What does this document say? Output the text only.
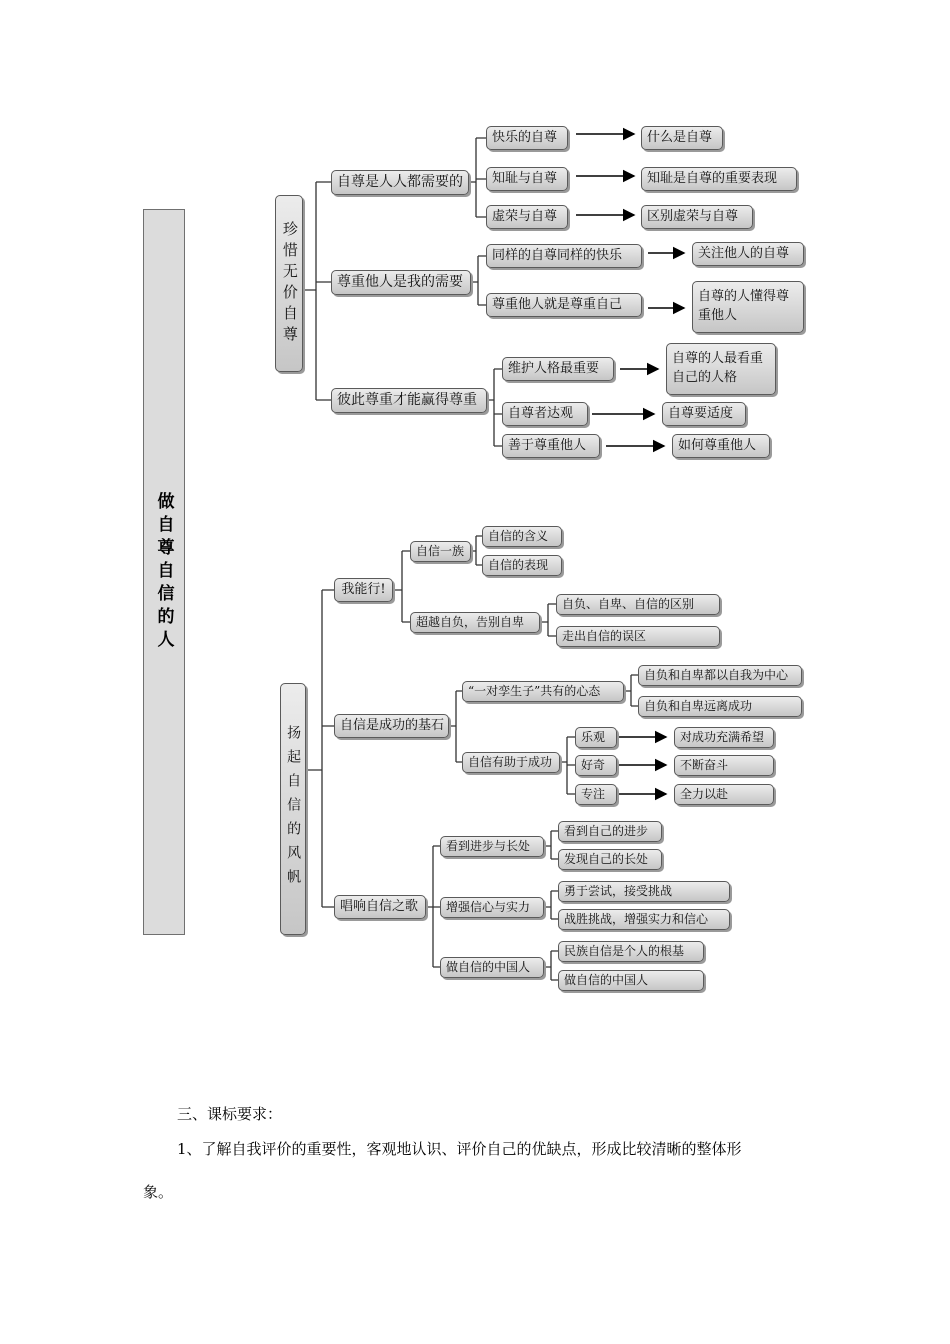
做自尊自信的人
珍惜无价自尊
自尊是人人都需要的
快乐的自尊	什么是自尊
知耻与自尊	知耻是自尊的重要表现
虚荣与自尊	区别虚荣与自尊
尊重他人是我的需要
同样的自尊同样的快乐	关注他人的自尊
尊重他人就是尊重自己	自尊的人懂得尊重他人
彼此尊重才能赢得尊重
维护人格最重要
自尊的人最看重自己的人格
自尊者达观	自尊要适度
善于尊重他人	如何尊重他人
扬起自信的风帆
我能行!
自信一族
自信的含义
自信的表现
超越自负，告别自卑
自负、自卑、自信的区别
走出自信的误区
自信是成功的基石
“一对孪生子”共有的心态
自负和自卑都以自我为中心
自负和自卑远离成功
自信有助于成功
乐观	对成功充满希望
好奇	不断奋斗
专注	全力以赴
唱响自信之歌
看到进步与长处
看到自己的进步
发现自己的长处
增强信心与实力
勇于尝试，接受挑战
战胜挑战，增强实力和信心
做自信的中国人
民族自信是个人的根基
做自信的中国人
三、课标要求：
1、了解自我评价的重要性，客观地认识、评价自己的优缺点，形成比较清晰的整体形
象。
